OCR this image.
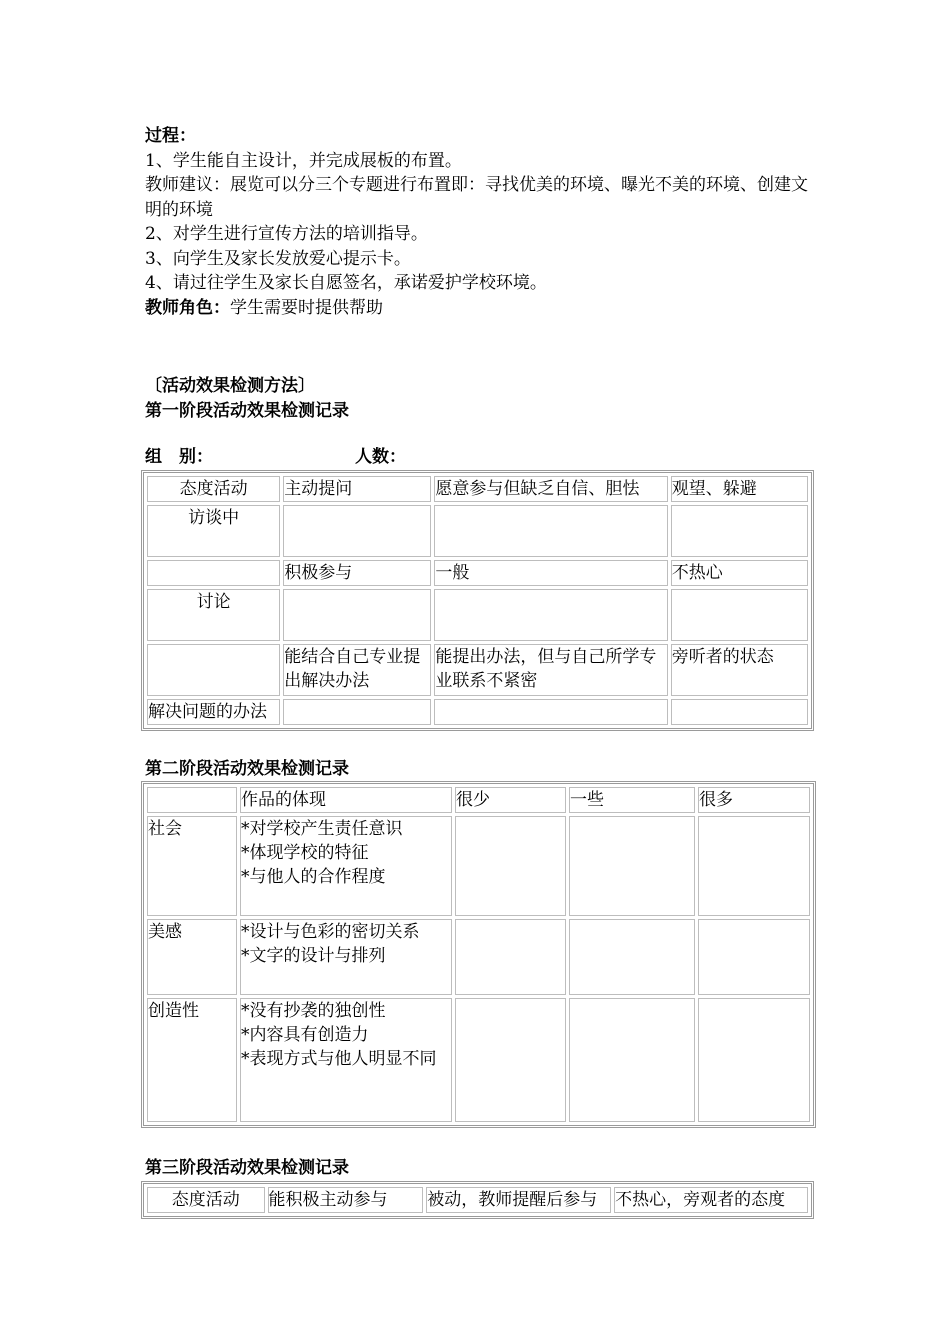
过程：
1、学生能自主设计，并完成展板的布置。
教师建议：展览可以分三个专题进行布置即：寻找优美的环境、曝光不美的环境、创建文明的环境
2、对学生进行宣传方法的培训指导。
3、向学生及家长发放爱心提示卡。
4、请过往学生及家长自愿签名，承诺爱护学校环境。
教师角色：学生需要时提供帮助
〔活动效果检测方法〕
第一阶段活动效果检测记录
组　别：	人数：
态度活动	主动提问	愿意参与但缺乏自信、胆怯	观望、躲避
访谈中			
	积极参与	一般	不热心
讨论			
	能结合自己专业提出解决办法	能提出办法，但与自己所学专业联系不紧密	旁听者的状态
解决问题的办法			
第二阶段活动效果检测记录
	作品的体现	很少	一些	很多
社会	*对学校产生责任意识
*体现学校的特征
*与他人的合作程度			

美感	*设计与色彩的密切关系
*文字的设计与排列			

创造性	*没有抄袭的独创性
*内容具有创造力
*表现方式与他人明显不同			

第三阶段活动效果检测记录
态度活动	能积极主动参与	被动，教师提醒后参与	不热心，旁观者的态度
